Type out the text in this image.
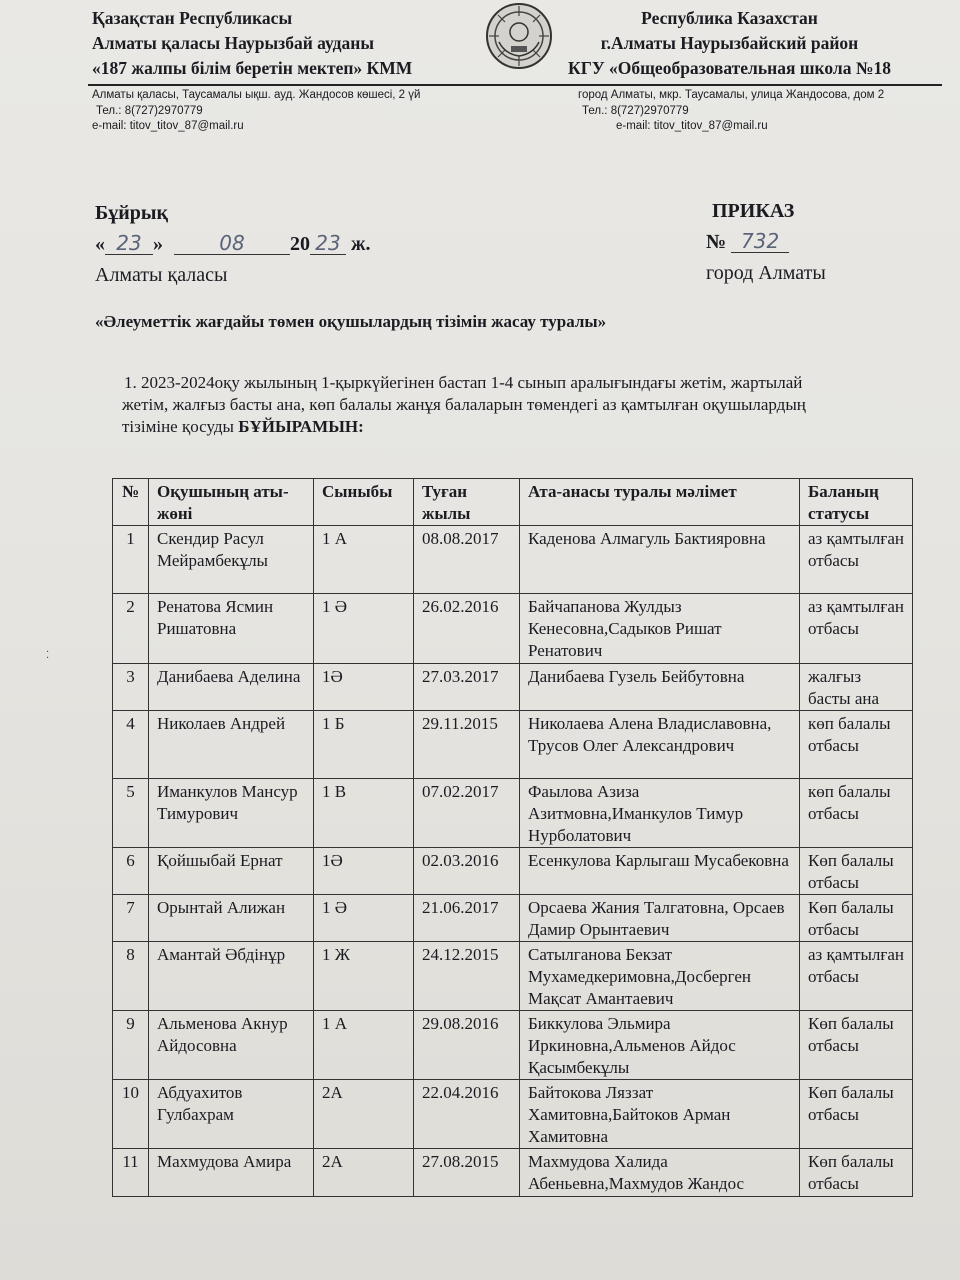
Қазақстан Республикасы
Алматы қаласы Наурызбай ауданы
«187 жалпы білім беретін мектеп» КММ
Республика Казахстан
г.Алматы Наурызбайский район
КГУ «Общеобразовательная школа №18
Алматы қаласы, Таусамалы ықш. ауд. Жандосов көшесі, 2 үй
Тел.: 8(727)2970779
e-mail: titov_titov_87@mail.ru
город Алматы, мкр. Таусамалы, улица Жандосова, дом 2
Тел.: 8(727)2970779
e-mail: titov_titov_87@mail.ru
Бұйрық
« 23 »	08 20 23 ж.
Алматы қаласы
ПРИКАЗ
№ 732
город Алматы
«Әлеуметтік жағдайы төмен оқушылардың тізімін жасау туралы»
1. 2023-2024оқу жылының 1-қыркүйегінен бастап 1-4 сынып аралығындағы жетім, жартылай
жетім, жалғыз басты ана, көп балалы жанұя балаларын төмендегі аз қамтылған оқушылардың
тізіміне қосуды БҰЙЫРАМЫН:
№	Оқушының аты-жөні	Сыныбы	Туған жылы	Ата-анасы туралы мәлімет	Баланың статусы
1	Скендир Расул Мейрамбекұлы	1 А	08.08.2017	Каденова Алмагуль Бактияровна	аз қамтылған отбасы
2	Ренатова Ясмин Ришатовна	1 Ә	26.02.2016	Байчапанова Жулдыз Кенесовна,Садыков Ришат Ренатович	аз қамтылған отбасы
3	Данибаева Аделина	1Ә	27.03.2017	Данибаева Гузель Бейбутовна	жалғыз басты ана
4	Николаев Андрей	1 Б	29.11.2015	Николаева Алена Владиславовна, Трусов Олег Александрович	көп балалы отбасы
5	Иманкулов Мансур Тимурович	1 В	07.02.2017	Фаылова Азиза Азитмовна,Иманкулов Тимур Нурболатович	көп балалы отбасы
6	Қойшыбай Ернат	1Ә	02.03.2016	Есенкулова Карлыгаш Мусабековна	Көп балалы отбасы
7	Орынтай Алижан	1 Ә	21.06.2017	Орсаева Жания Талгатовна, Орсаев Дамир Орынтаевич	Көп балалы отбасы
8	Амантай Әбдінұр	1 Ж	24.12.2015	Сатылганова Бекзат Мухамедкеримовна,Досберген Мақсат Амантаевич	аз қамтылған отбасы
9	Альменова Акнур Айдосовна	1 А	29.08.2016	Биккулова Эльмира Иркиновна,Альменов Айдос Қасымбекұлы	Көп балалы отбасы
10	Абдуахитов Гулбахрам	2А	22.04.2016	Байтокова Ляззат Хамитовна,Байтоков Арман Хамитовна	Көп балалы отбасы
11	Махмудова Амира	2А	27.08.2015	Махмудова Халида Абеньевна,Махмудов Жандос	Көп балалы отбасы
⁚
